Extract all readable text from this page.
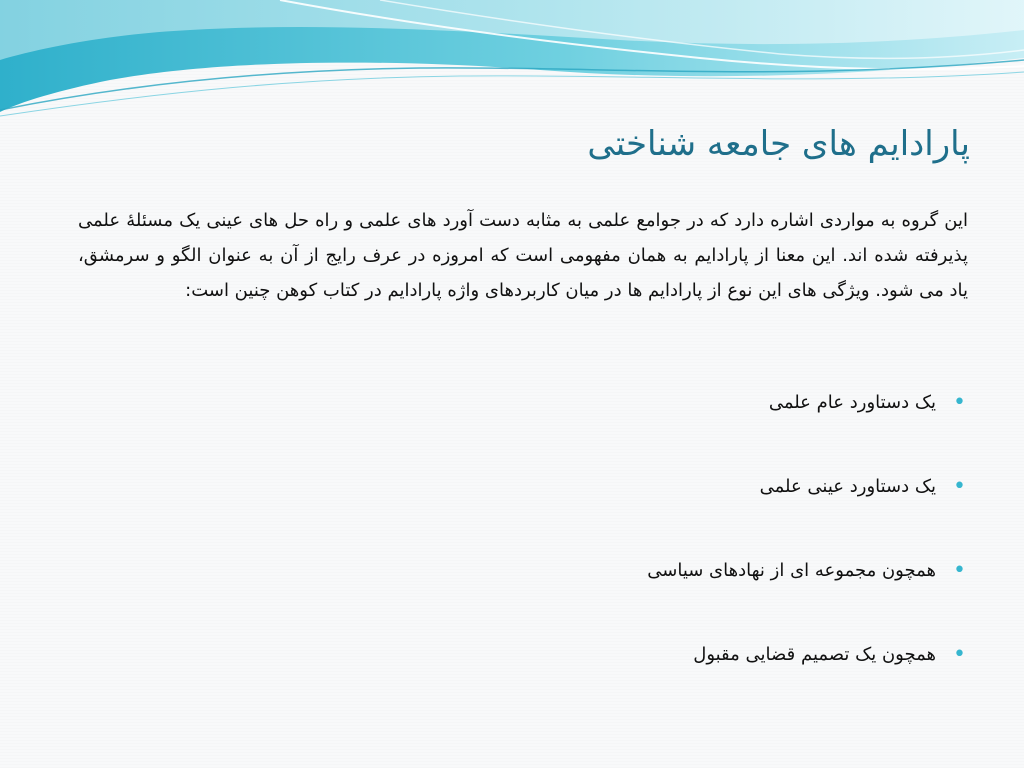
پارادایم های جامعه شناختی
این گروه به مواردی اشاره دارد که در جوامع علمی به مثابه دست آورد های علمی و راه حل های عینی یک مسئلۀ علمی پذیرفته شده اند. این معنا از پارادایم به همان مفهومی است که امروزه در عرف رایج از آن به عنوان الگو و سرمشق، یاد می شود. ویژگی های این نوع از پارادایم ها در میان کاربردهای واژه پارادایم در کتاب کوهن چنین است:
•
یک دستاورد عام علمی
•
یک دستاورد عینی علمی
•
همچون مجموعه ای از نهادهای سیاسی
•
همچون یک تصمیم قضایی مقبول
